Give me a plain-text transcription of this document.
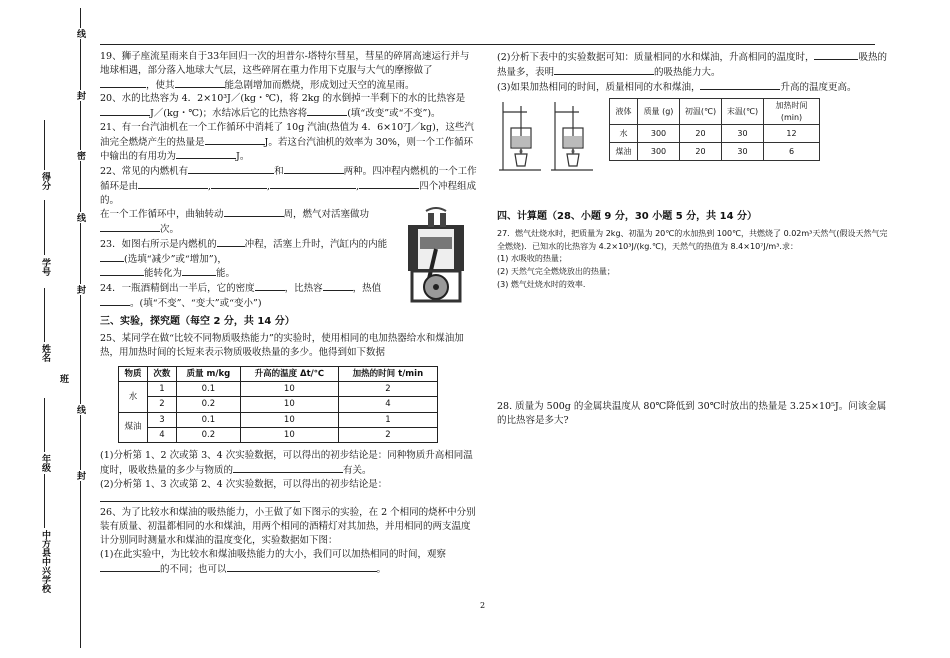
线
封
密
线
封
线
封
得分
学号
姓名
班
年级
中方县中兴学校

19、狮子座流星雨来自于33年回归一次的坦普尔-塔特尔彗星，彗星的碎屑高速运行并与地球相遇，部分落入地球大气层，这些碎屑在重力作用下克服与大气的摩擦做了，使其	能急剧增加而燃烧，形成划过天空的流星雨。

20、水的比热容为 4．2×10³J／(kg・℃)，将 2kg 的水倒掉一半剩下的水的比热容是J／(kg・℃)；水结冰后它的比热容将	(填“改变”或“不变”)。

21、有一台汽油机在一个工作循环中消耗了 10g 汽油(热值为 4．6×10⁷J／kg)，这些汽油完全燃烧产生的热量是	J。若这台汽油机的效率为 30%，则一个工作循环中输出的有用功为	J。

22、常见的内燃机有	和	两种。四冲程内燃机的一个工作循环是由	,	,	,	四个冲程组成的。

在一个工作循环中，曲轴转动	周，燃气对活塞做功次。

23．如图右所示是内燃机的	冲程，活塞上升时，汽缸内的内能(选填“减少”或“增加”)，
能转化为	能。

24．一瓶酒精倒出一半后，它的密度	，比热容	，热值。(填“不变”、“变大”或“变小”)

三、实验，探究题（每空 2 分，共 14 分）

25、某同学在做“比较不同物质吸热能力”的实验时，使用相同的电加热器给水和煤油加热，用加热时间的长短来表示物质吸收热量的多少。他得到如下数据

物质	次数	质量 m/kg	升高的温度 Δt/℃	加热的时间 t/min
水	1	0.1	10	2
	2	0.2	10	4
煤油	3	0.1	10	1
	4	0.2	10	2

(1)分析第 1、2 次或第 3、4 次实验数据，可以得出的初步结论是：同种物质升高相同温度时，吸收热量的多少与物质的	有关。

(2)分析第 1、3 次或第 2、4 次实验数据，可以得出的初步结论是：

26、为了比较水和煤油的吸热能力，小王做了如下图示的实验，在 2 个相同的烧杯中分别装有质量、初温都相同的水和煤油，用两个相同的酒精灯对其加热，并用相同的两支温度计分别同时测量水和煤油的温度变化，实验数据如下图：

(1)在此实验中，为比较水和煤油吸热能力的大小，我们可以加热相同的时间，观察的不同；也可以	。

(2)分析下表中的实验数据可知：质量相同的水和煤油，升高相同的温度时，	吸热的热量多，表明	的吸热能力大。

(3)如果加热相同的时间，质量相同的水和煤油，	升高的温度更高。

液体	质量 (g)	初温(℃)	末温(℃)	加热时间 (min)
水	300	20	30	12
煤油	300	20	30	6
四、计算题（28、小题 9 分，30 小题 5 分，共 14 分）

27．燃气灶烧水时，把质量为 2kg、初温为 20℃的水加热到 100℃，共燃烧了 0.02m³天然气(假设天然气完全燃烧)．已知水的比热容为 4.2×10³J/(kg.℃)，天然气的热值为 8.4×10⁷J/m³.求：

(1) 水吸收的热量；

(2) 天然气完全燃烧放出的热量；

(3) 燃气灶烧水时的效率.

28. 质量为 500g 的金属块温度从 80℃降低到 30℃时放出的热量是 3.25×10⁵J。问该金属的比热容是多大?

2
